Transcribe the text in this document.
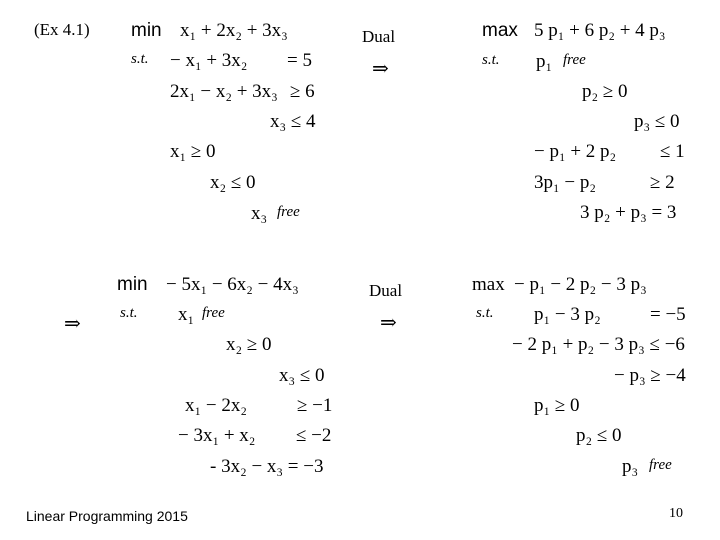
(Ex 4.1) min x₁ + 2x₂ + 3x₃
s.t. − x₁ + 3x₂ = 5
2x₁ − x₂ + 3x₃ ≥ 6
x₃ ≤ 4
x₁ ≥ 0
x₂ ≤ 0
x₃ free
Dual
⇒
max 5 p₁ + 6 p₂ + 4 p₃
s.t. p₁ free
p₂ ≥ 0
p₃ ≤ 0
− p₁ + 2 p₂ ≤ 1
3p₁ − p₂	≥ 2
3 p₂ + p₃ = 3
⇒
min − 5x₁ − 6x₂ − 4x₃
s.t. x₁ free
x₂ ≥ 0
x₃ ≤ 0
x₁ − 2x₂	≥ −1
− 3x₁ + x₂ ≤ −2
- 3x₂ − x₃ = −3
Dual
⇒
max − p₁ − 2 p₂ − 3 p₃
s.t. p₁ − 3 p₂	= −5
− 2 p₁ + p₂ − 3 p₃ ≤ −6
− p₃ ≥ −4
p₁ ≥ 0
p₂ ≤ 0
p₃ free
Linear Programming 2015	10
